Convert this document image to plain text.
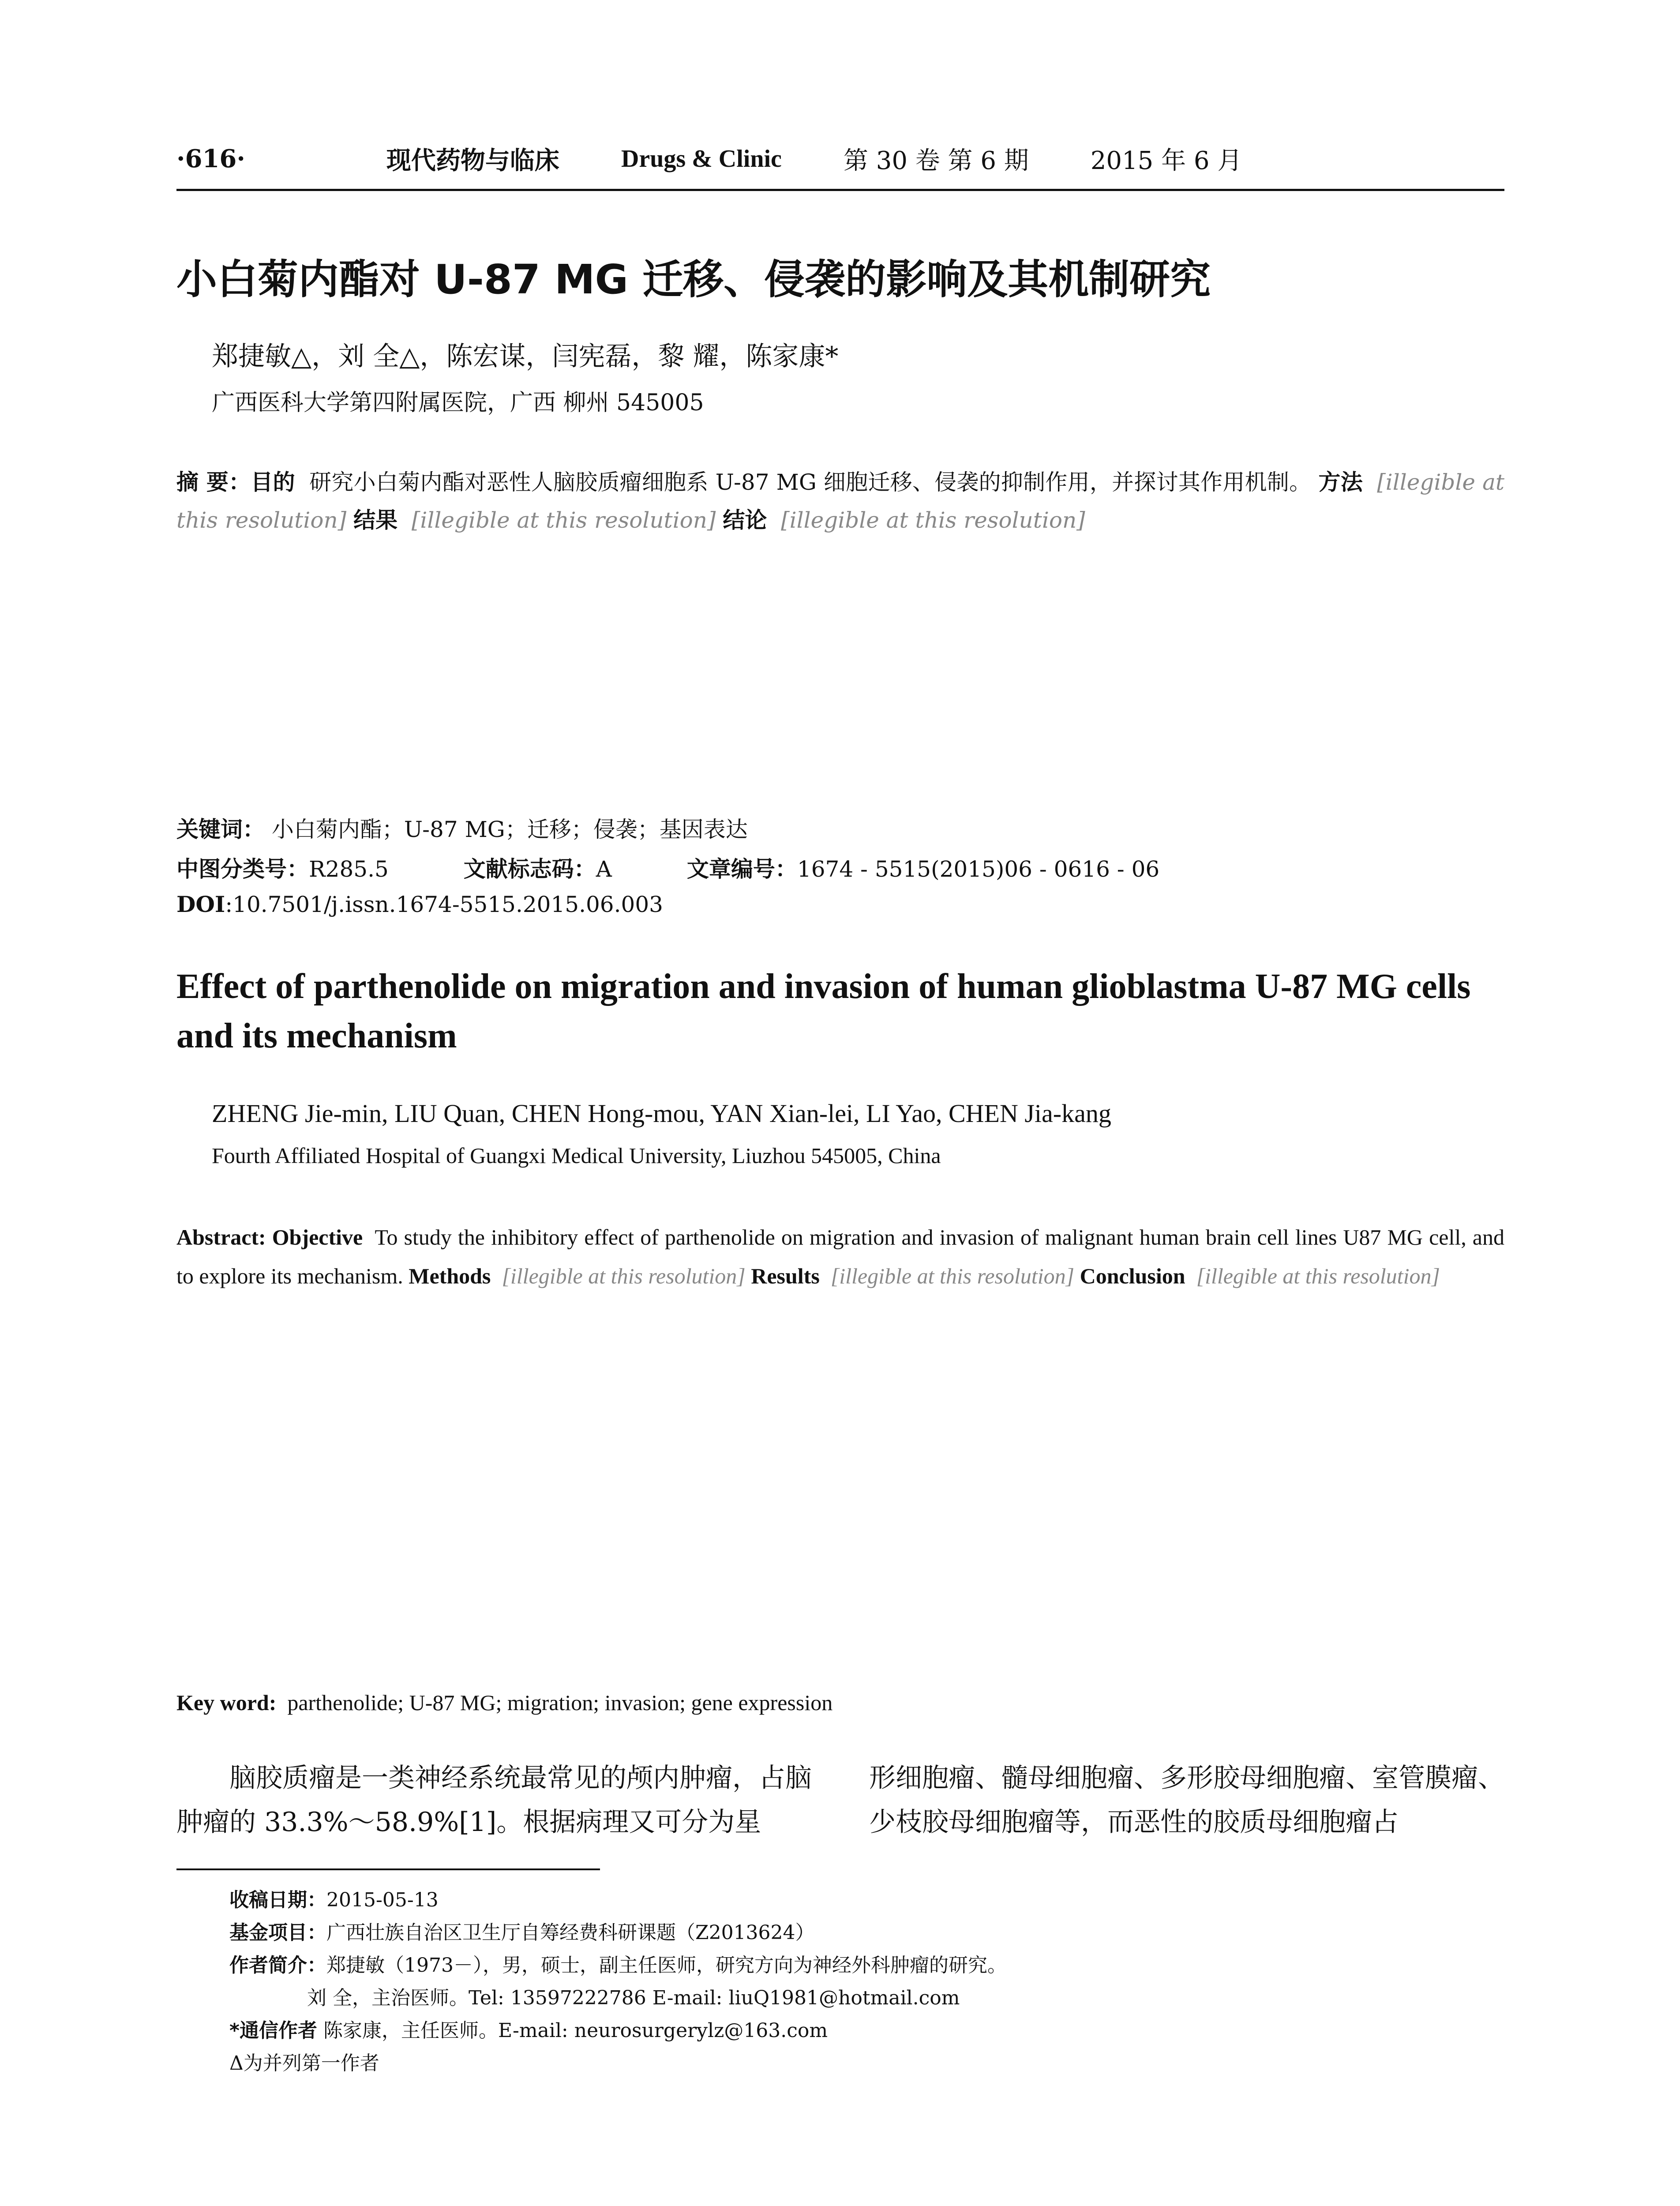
·616·	现代药物与临床	Drugs & Clinic	第 30 卷 第 6 期	2015 年 6 月
小白菊内酯对 U-87 MG 迁移、侵袭的影响及其机制研究
郑捷敏△，刘 全△，陈宏谋，闫宪磊，黎 耀，陈家康*
广西医科大学第四附属医院，广西 柳州 545005
摘 要：目的 研究小白菊内酯对恶性人脑胶质瘤细胞系 U-87 MG 细胞迁移、侵袭的抑制作用，并探讨其作用机制。 方法 [illegible at this resolution] 结果 [illegible at this resolution] 结论 [illegible at this resolution]
关键词： 小白菊内酯；U-87 MG；迁移；侵袭；基因表达
中图分类号：R285.5	文献标志码：A	文章编号：1674 - 5515(2015)06 - 0616 - 06
DOI:10.7501/j.issn.1674-5515.2015.06.003
Effect of parthenolide on migration and invasion of human glioblastma U-87 MG cells and its mechanism
ZHENG Jie-min, LIU Quan, CHEN Hong-mou, YAN Xian-lei, LI Yao, CHEN Jia-kang
Fourth Affiliated Hospital of Guangxi Medical University, Liuzhou 545005, China
Abstract: Objective To study the inhibitory effect of parthenolide on migration and invasion of malignant human brain cell lines U87 MG cell, and to explore its mechanism. Methods [illegible at this resolution] Results [illegible at this resolution] Conclusion [illegible at this resolution]
Key word: parthenolide; U-87 MG; migration; invasion; gene expression
脑胶质瘤是一类神经系统最常见的颅内肿瘤，占脑肿瘤的 33.3%～58.9%[1]。根据病理又可分为星
形细胞瘤、髓母细胞瘤、多形胶母细胞瘤、室管膜瘤、少枝胶母细胞瘤等，而恶性的胶质母细胞瘤占
收稿日期：2015-05-13
基金项目：广西壮族自治区卫生厅自筹经费科研课题（Z2013624）
作者简介：郑捷敏（1973－），男，硕士，副主任医师，研究方向为神经外科肿瘤的研究。
刘 全，主治医师。Tel: 13597222786 E-mail: liuQ1981@hotmail.com
*通信作者 陈家康，主任医师。E-mail: neurosurgerylz@163.com
Δ为并列第一作者
